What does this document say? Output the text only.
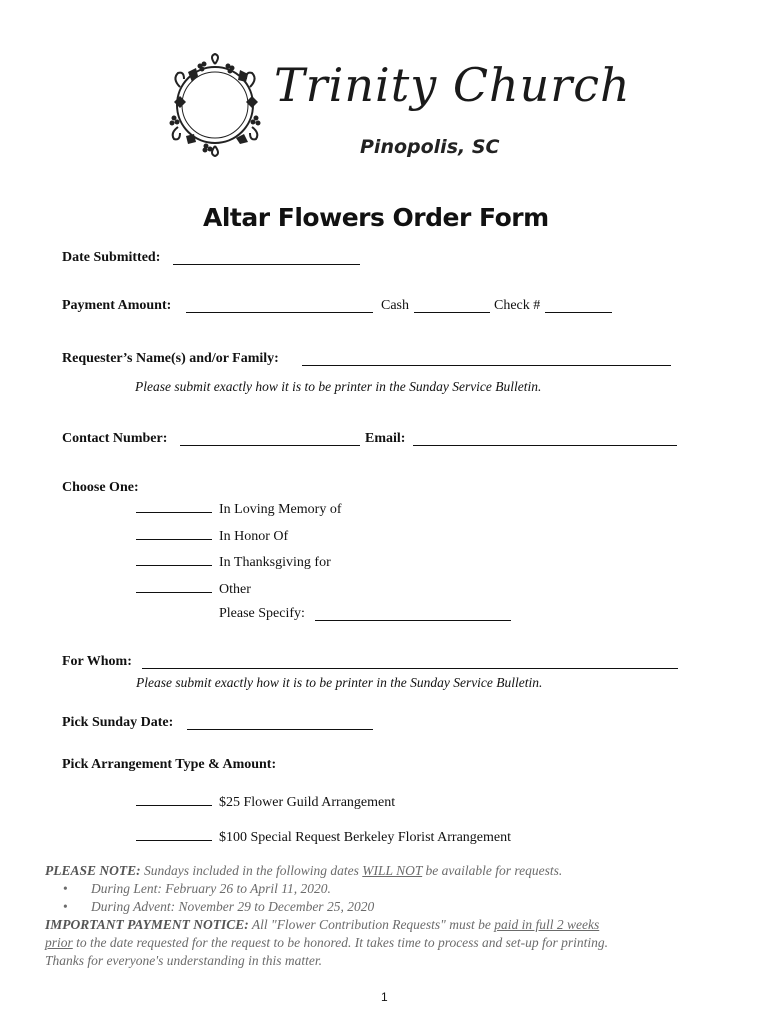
Trinity Church
Pinopolis, SC
Altar Flowers Order Form
Date Submitted:
Payment Amount:	Cash	Check #
Requester’s Name(s) and/or Family:
Please submit exactly how it is to be printer in the Sunday Service Bulletin.
Contact Number:	Email:
Choose One:
In Loving Memory of
In Honor Of
In Thanksgiving for
Other
Please Specify:
For Whom:
Please submit exactly how it is to be printer in the Sunday Service Bulletin.
Pick Sunday Date:
Pick Arrangement Type & Amount:
$25 Flower Guild Arrangement
$100 Special Request Berkeley Florist Arrangement
PLEASE NOTE: Sundays included in the following dates WILL NOT be available for requests.
• During Lent: February 26 to April 11, 2020.
• During Advent: November 29 to December 25, 2020
IMPORTANT PAYMENT NOTICE: All "Flower Contribution Requests" must be paid in full 2 weeks
prior to the date requested for the request to be honored. It takes time to process and set-up for printing.
Thanks for everyone's understanding in this matter.
1
